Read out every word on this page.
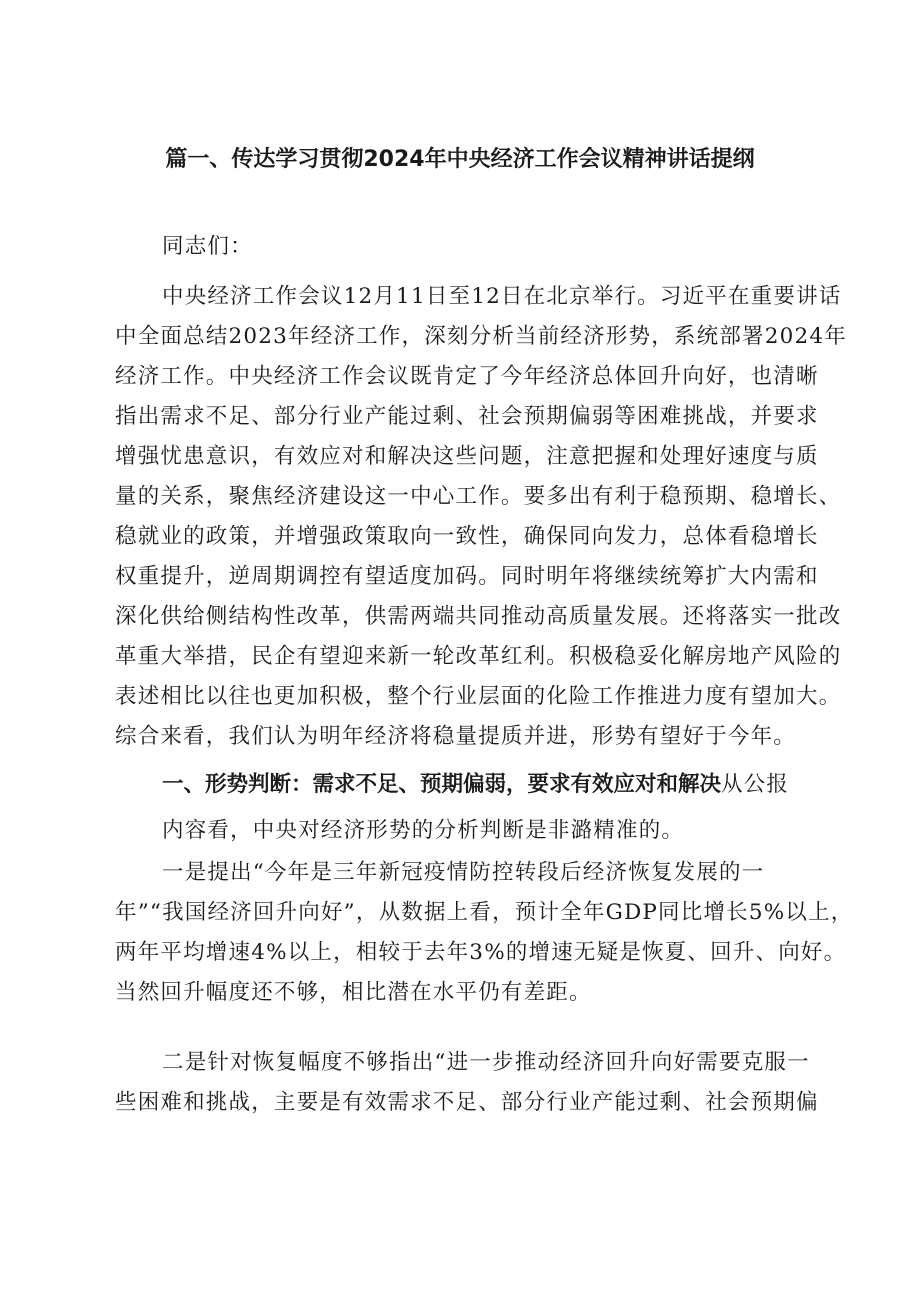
篇一、传达学习贯彻2024年中央经济工作会议精神讲话提纲
同志们：
中央经济工作会议12月11日至12日在北京举行。习近平在重要讲话
中全面总结2023年经济工作，深刻分析当前经济形势，系统部署2024年
经济工作。中央经济工作会议既肯定了今年经济总体回升向好，也清晰
指出需求不足、部分行业产能过剩、社会预期偏弱等困难挑战，并要求
增强忧患意识，有效应对和解决这些问题，注意把握和处理好速度与质
量的关系，聚焦经济建设这一中心工作。要多出有利于稳预期、稳增长、
稳就业的政策，并增强政策取向一致性，确保同向发力，总体看稳增长
权重提升，逆周期调控有望适度加码。同时明年将继续统筹扩大内需和
深化供给侧结构性改革，供需两端共同推动高质量发展。还将落实一批改
革重大举措，民企有望迎来新一轮改革红利。积极稳妥化解房地产风险的
表述相比以往也更加积极，整个行业层面的化险工作推进力度有望加大。
综合来看，我们认为明年经济将稳量提质并进，形势有望好于今年。
一、形势判断：需求不足、预期偏弱，要求有效应对和解决从公报
内容看，中央对经济形势的分析判断是非潞精准的。
一是提出“今年是三年新冠疫情防控转段后经济恢复发展的一
年”“我国经济回升向好”，从数据上看，预计全年GDP同比增长5%以上，
两年平均增速4%以上，相较于去年3%的增速无疑是恢夏、回升、向好。
当然回升幅度还不够，相比潜在水平仍有差距。
二是针对恢复幅度不够指出“进一步推动经济回升向好需要克服一
些困难和挑战，主要是有效需求不足、部分行业产能过剩、社会预期偏
